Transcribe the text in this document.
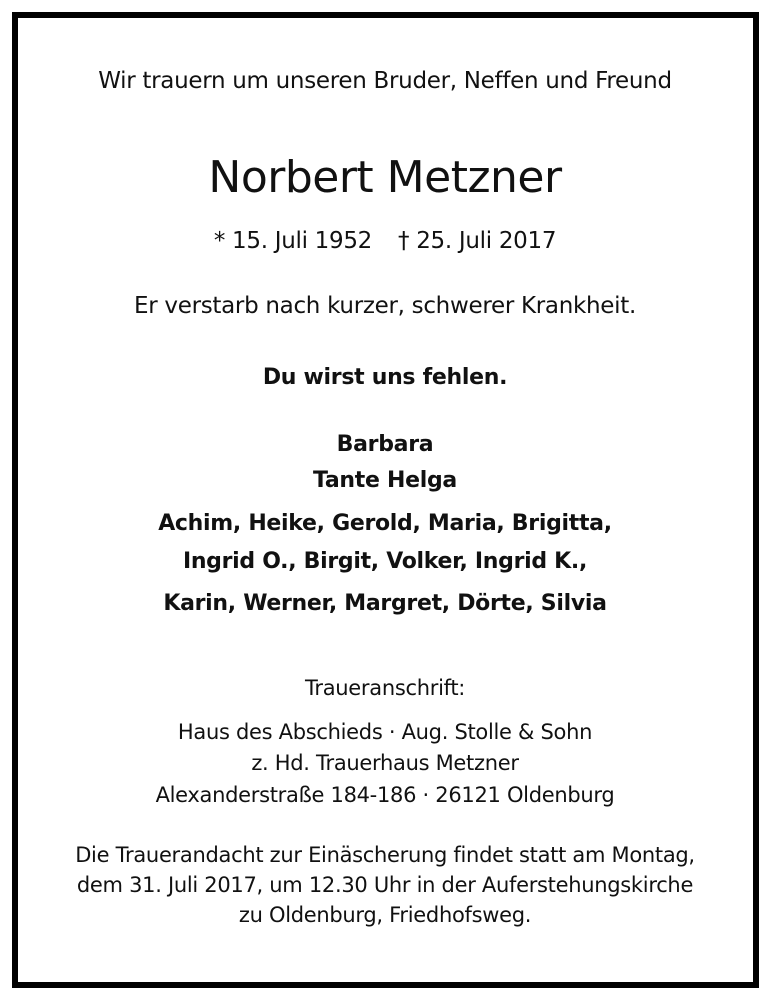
Wir trauern um unseren Bruder, Neffen und Freund
Norbert Metzner
* 15. Juli 1952 † 25. Juli 2017
Er verstarb nach kurzer, schwerer Krankheit.
Du wirst uns fehlen.
Barbara
Tante Helga
Achim, Heike, Gerold, Maria, Brigitta,
Ingrid O., Birgit, Volker, Ingrid K.,
Karin, Werner, Margret, Dörte, Silvia
Traueranschrift:
Haus des Abschieds · Aug. Stolle & Sohn
z. Hd. Trauerhaus Metzner
Alexanderstraße 184-186 · 26121 Oldenburg
Die Trauerandacht zur Einäscherung findet statt am Montag,
dem 31. Juli 2017, um 12.30 Uhr in der Auferstehungskirche
zu Oldenburg, Friedhofsweg.
